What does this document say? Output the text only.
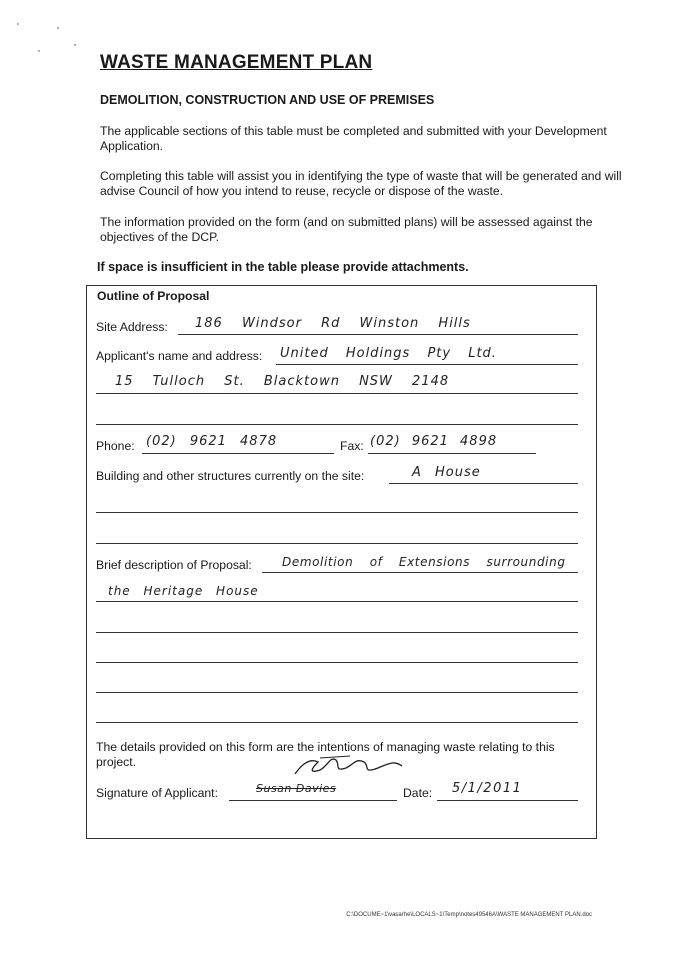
WASTE MANAGEMENT PLAN
DEMOLITION, CONSTRUCTION AND USE OF PREMISES
The applicable sections of this table must be completed and submitted with your Development Application.
Completing this table will assist you in identifying the type of waste that will be generated and will advise Council of how you intend to reuse, recycle or dispose of the waste.
The information provided on the form (and on submitted plans) will be assessed against the objectives of the DCP.
If space is insufficient in the table please provide attachments.
Outline of Proposal
Site Address: 186 Windsor Rd Winston Hills
Applicant's name and address: United Holdings Pty Ltd.
15 Tulloch St. Blacktown NSW 2148
Phone: (02) 9621 4878	Fax: (02) 9621 4898
Building and other structures currently on the site:	A House
Brief description of Proposal:	Demolition of Extensions surrounding
the Heritage House
The details provided on this form are the intentions of managing waste relating to this project.
Signature of Applicant:	Susan Davies	Date: 5/1/2011
C:\DOCUME~1\vasarhe\LOCALS~1\Temp\notes49546A\WASTE MANAGEMENT PLAN.doc
